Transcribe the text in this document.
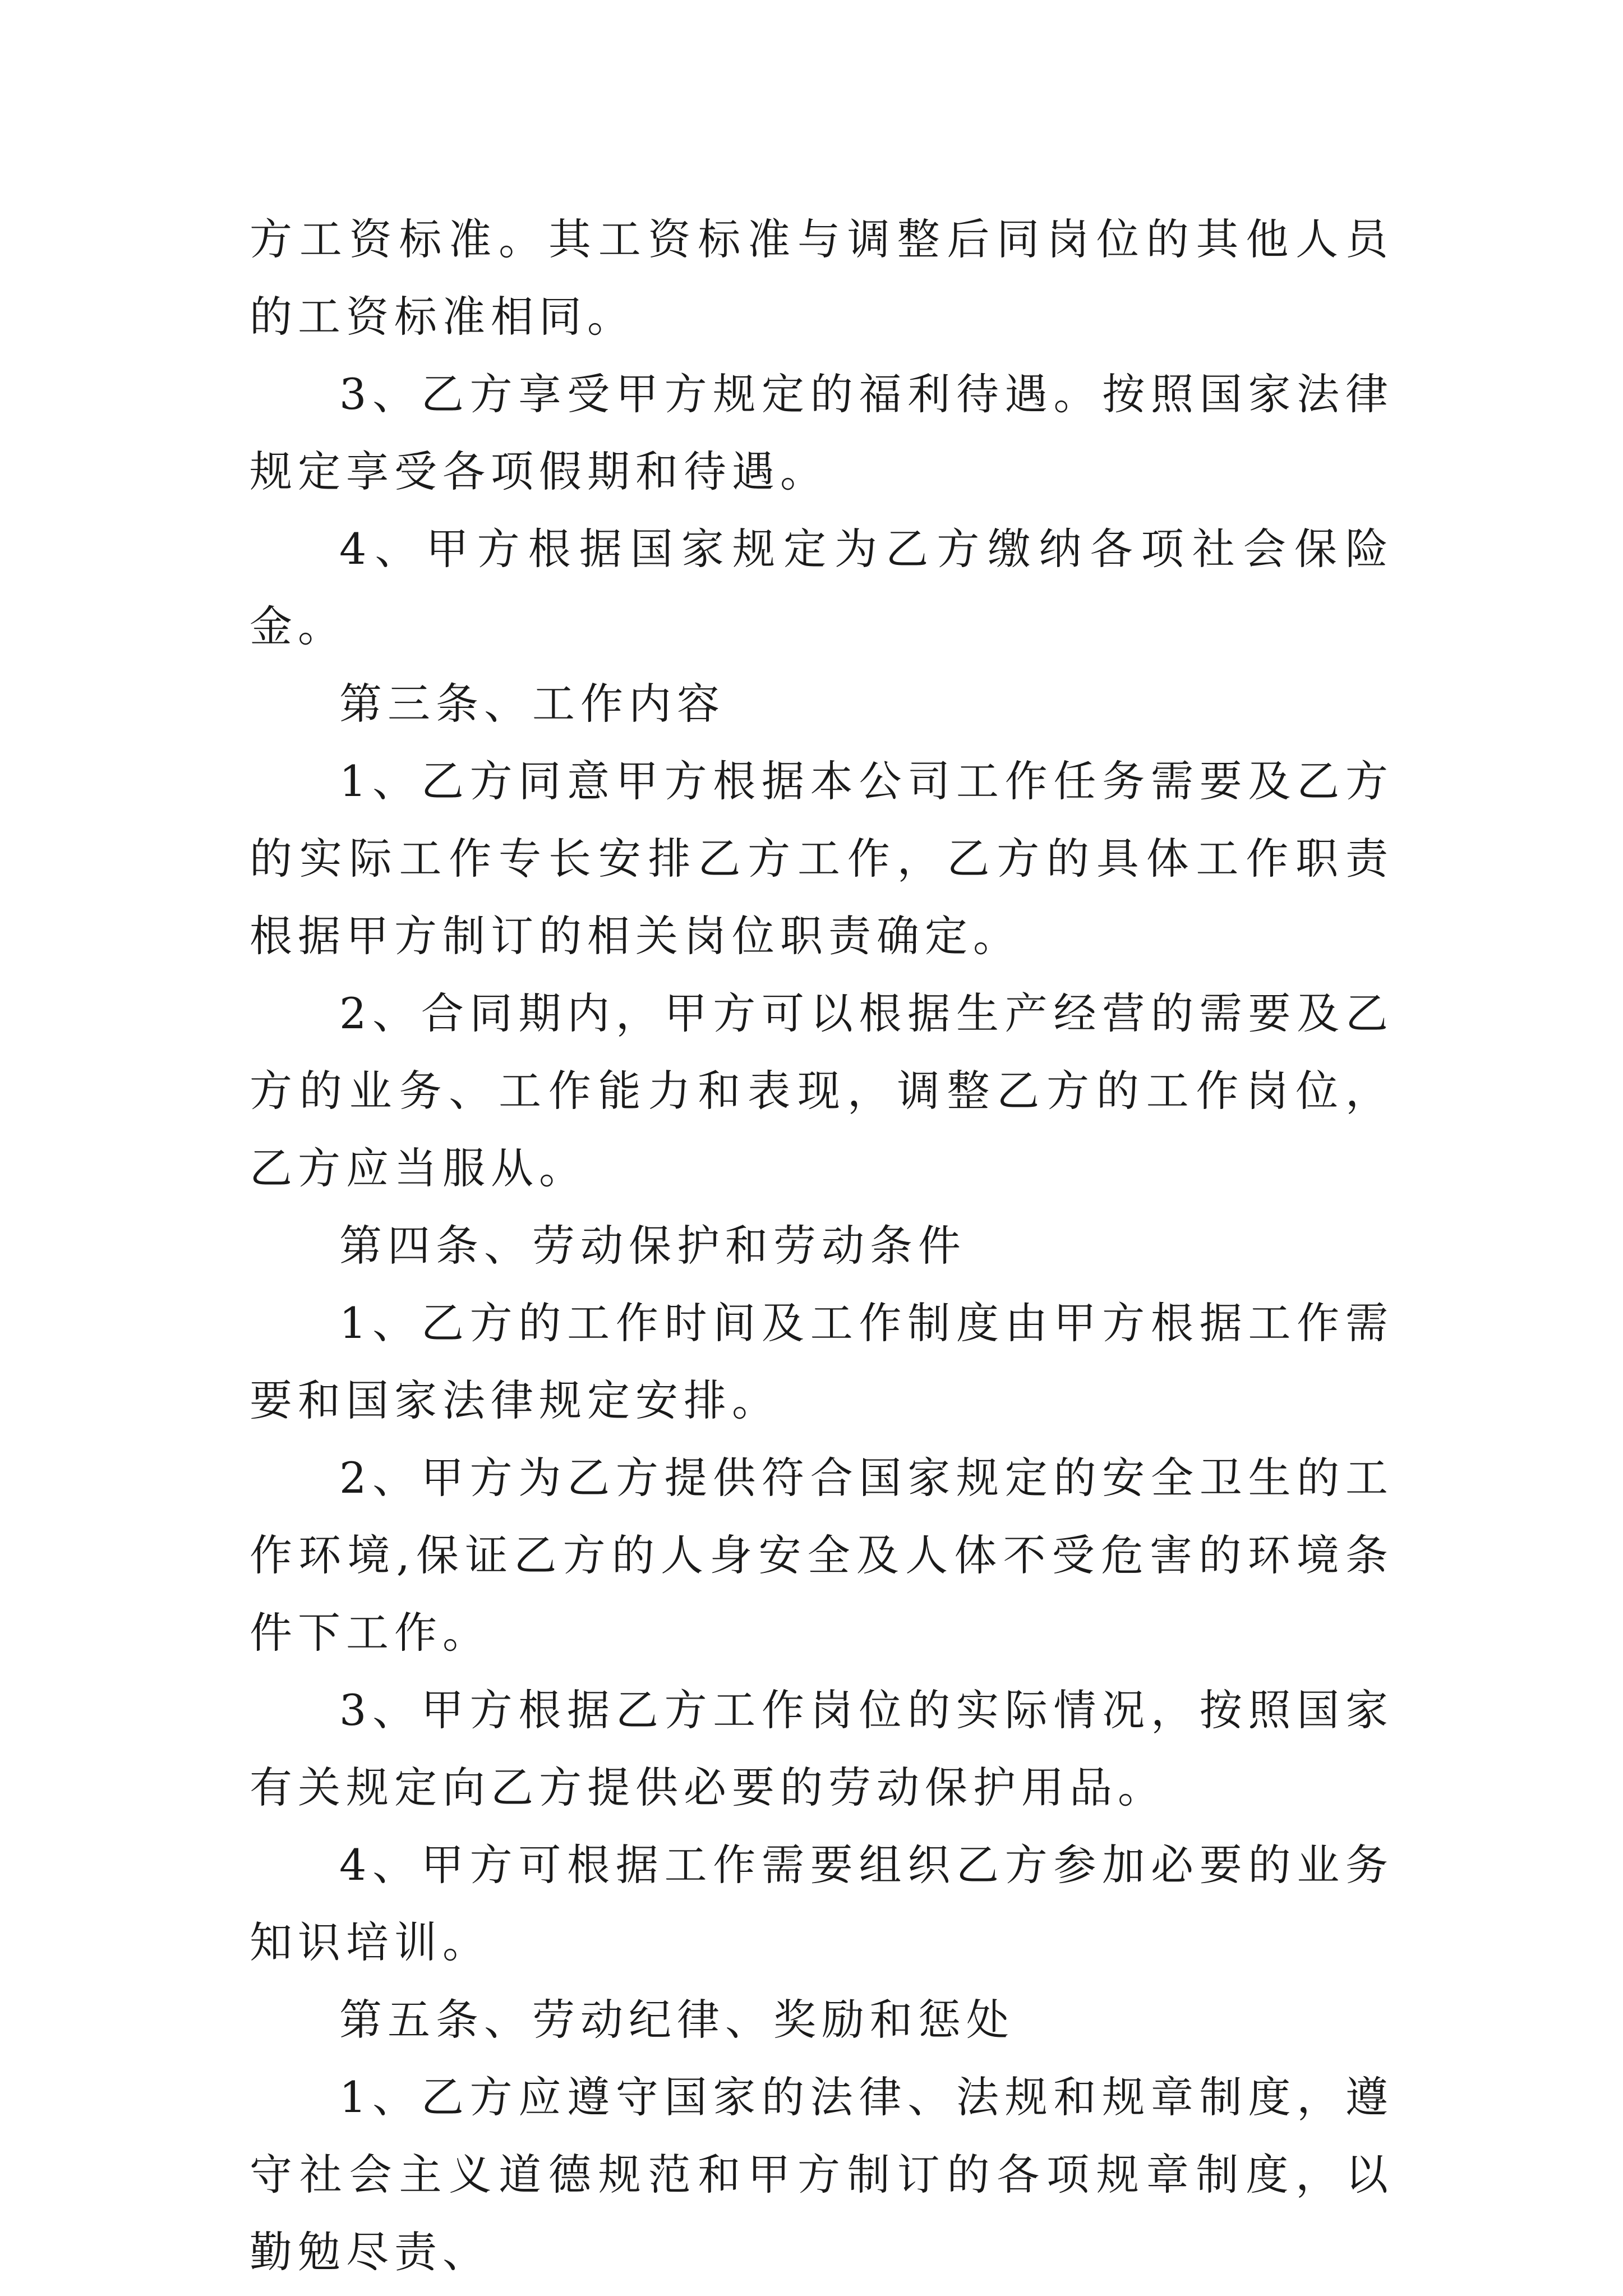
方工资标准。其工资标准与调整后同岗位的其他人员的工资标准相同。

3、乙方享受甲方规定的福利待遇。按照国家法律规定享受各项假期和待遇。

4、甲方根据国家规定为乙方缴纳各项社会保险金。

第三条、工作内容

1、乙方同意甲方根据本公司工作任务需要及乙方的实际工作专长安排乙方工作，乙方的具体工作职责根据甲方制订的相关岗位职责确定。

2、合同期内，甲方可以根据生产经营的需要及乙方的业务、工作能力和表现，调整乙方的工作岗位，乙方应当服从。

第四条、劳动保护和劳动条件

1、乙方的工作时间及工作制度由甲方根据工作需要和国家法律规定安排。

2、甲方为乙方提供符合国家规定的安全卫生的工作环境,保证乙方的人身安全及人体不受危害的环境条件下工作。

3、甲方根据乙方工作岗位的实际情况，按照国家有关规定向乙方提供必要的劳动保护用品。

4、甲方可根据工作需要组织乙方参加必要的业务知识培训。

第五条、劳动纪律、奖励和惩处

1、乙方应遵守国家的法律、法规和规章制度，遵守社会主义道德规范和甲方制订的各项规章制度，以勤勉尽责、
